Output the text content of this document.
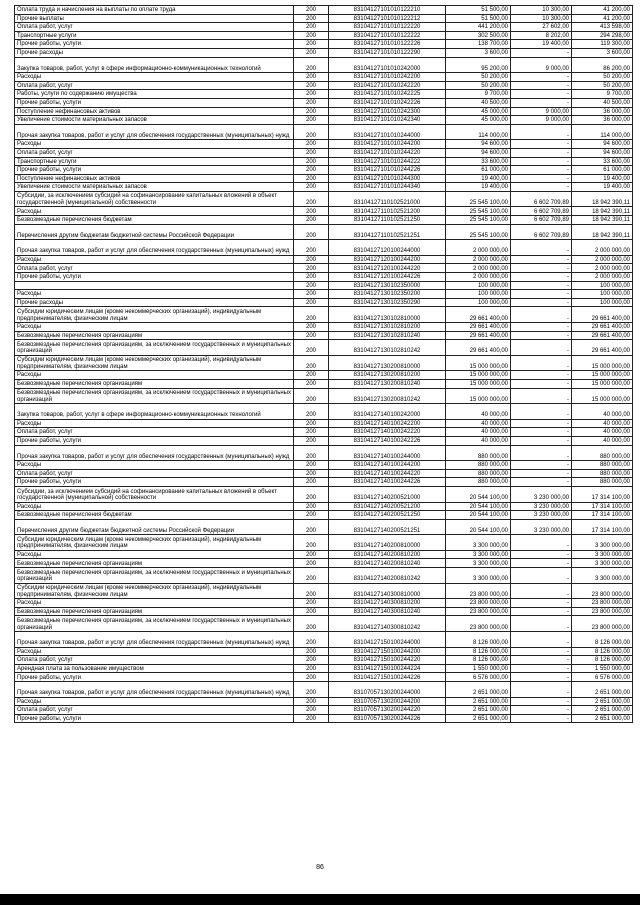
Оплата труда и начисления на выплаты по оплате труда	200	83104127101010122210	51 500,00	10 300,00	41 200,00
Прочие выплаты	200	83104127101010122212	51 500,00	10 300,00	41 200,00
Оплата работ, услуг	200	83104127101010122220	441 200,00	27 602,00	413 598,00
Транспортные услуги	200	83104127101010122222	302 500,00	8 202,00	294 298,00
Прочие работы, услуги	200	83104127101010122226	138 700,00	19 400,00	119 300,00
Прочие расходы	200	83104127101010122290	3 600,00	-	3 600,00
Закупка товаров, работ, услуг в сфере информационно-коммуникационных технологий	200	83104127101010242000	95 200,00	9 000,00	86 200,00
Расходы	200	83104127101010242200	50 200,00	-	50 200,00
Оплата работ, услуг	200	83104127101010242220	50 200,00	-	50 200,00
Работы, услуги по содержанию имущества	200	83104127101010242225	9 700,00	-	9 700,00
Прочие работы, услуги	200	83104127101010242226	40 500,00	-	40 500,00
Поступление нефинансовых активов	200	83104127101010242300	45 000,00	9 000,00	36 000,00
Увеличение стоимости материальных запасов	200	83104127101010242340	45 000,00	9 000,00	36 000,00
Прочая закупка товаров, работ и услуг для обеспечения государственных (муниципальных) нужд	200	83104127101010244000	114 000,00	-	114 000,00
Расходы	200	83104127101010244200	94 600,00	-	94 600,00
Оплата работ, услуг	200	83104127101010244220	94 600,00	-	94 600,00
Транспортные услуги	200	83104127101010244222	33 600,00	-	33 600,00
Прочие работы, услуги	200	83104127101010244226	61 000,00	-	61 000,00
Поступление нефинансовых активов	200	83104127101010244300	19 400,00	-	19 400,00
Увеличение стоимости материальных запасов	200	83104127101010244340	19 400,00	-	19 400,00
Субсидии, за исключением субсидий на софинансирование капитальных вложений в объект государственной (муниципальной) собственности	200	83104127110102521000	25 545 100,00	6 602 709,89	18 942 390,11
Расходы	200	83104127110102521200	25 545 100,00	6 602 709,89	18 942 390,11
Безвозмездные перечисления бюджетам	200	83104127110102521250	25 545 100,00	6 602 709,89	18 942 390,11
Перечисления другим бюджетам бюджетной системы Российской Федерации	200	83104127110102521251	25 545 100,00	6 602 709,89	18 942 390,11
Прочая закупка товаров, работ и услуг для обеспечения государственных (муниципальных) нужд	200	83104127120100244000	2 000 000,00	-	2 000 000,00
Расходы	200	83104127120100244200	2 000 000,00	-	2 000 000,00
Оплата работ, услуг	200	83104127120100244220	2 000 000,00	-	2 000 000,00
Прочие работы, услуги	200	83104127120100244226	2 000 000,00	-	2 000 000,00
	200	83104127130102350000	100 000,00	-	100 000,00
Расходы	200	83104127130102350200	100 000,00	-	100 000,00
Прочие расходы	200	83104127130102350290	100 000,00	-	100 000,00
Субсидии юридическим лицам (кроме некоммерческих организаций), индивидуальным предпринимателям, физическим лицам	200	83104127130102810000	29 661 400,00	-	29 661 400,00
Расходы	200	83104127130102810200	29 661 400,00	-	29 661 400,00
Безвозмездные перечисления организациям	200	83104127130102810240	29 661 400,00	-	29 661 400,00
Безвозмездные перечисления организациям, за исключением государственных и муниципальных организаций	200	83104127130102810242	29 661 400,00	-	29 661 400,00
Субсидии юридическим лицам (кроме некоммерческих организаций), индивидуальным предпринимателям, физическим лицам	200	83104127130200810000	15 000 000,00	-	15 000 000,00
Расходы	200	83104127130200810200	15 000 000,00	-	15 000 000,00
Безвозмездные перечисления организациям	200	83104127130200810240	15 000 000,00	-	15 000 000,00
Безвозмездные перечисления организациям, за исключением государственных и муниципальных организаций	200	83104127130200810242	15 000 000,00	-	15 000 000,00
Закупка товаров, работ, услуг в сфере информационно-коммуникационных технологий	200	83104127140100242000	40 000,00	-	40 000,00
Расходы	200	83104127140100242200	40 000,00	-	40 000,00
Оплата работ, услуг	200	83104127140100242220	40 000,00	-	40 000,00
Прочие работы, услуги	200	83104127140100242226	40 000,00	-	40 000,00
Прочая закупка товаров, работ и услуг для обеспечения государственных (муниципальных) нужд	200	83104127140100244000	880 000,00	-	880 000,00
Расходы	200	83104127140100244200	880 000,00	-	880 000,00
Оплата работ, услуг	200	83104127140100244220	880 000,00	-	880 000,00
Прочие работы, услуги	200	83104127140100244226	880 000,00	-	880 000,00
Субсидии, за исключением субсидий на софинансирование капитальных вложений в объект государственной (муниципальной) собственности	200	83104127140200521000	20 544 100,00	3 230 000,00	17 314 100,00
Расходы	200	83104127140200521200	20 544 100,00	3 230 000,00	17 314 100,00
Безвозмездные перечисления бюджетам	200	83104127140200521250	20 544 100,00	3 230 000,00	17 314 100,00
Перечисления другим бюджетам бюджетной системы Российской Федерации	200	83104127140200521251	20 544 100,00	3 230 000,00	17 314 100,00
Субсидии юридическим лицам (кроме некоммерческих организаций), индивидуальным предпринимателям, физическим лицам	200	83104127140200810000	3 300 000,00	-	3 300 000,00
Расходы	200	83104127140200810200	3 300 000,00	-	3 300 000,00
Безвозмездные перечисления организациям	200	83104127140200810240	3 300 000,00	-	3 300 000,00
Безвозмездные перечисления организациям, за исключением государственных и муниципальных организаций	200	83104127140200810242	3 300 000,00	-	3 300 000,00
Субсидии юридическим лицам (кроме некоммерческих организаций), индивидуальным предпринимателям, физическим лицам	200	83104127140300810000	23 800 000,00	-	23 800 000,00
Расходы	200	83104127140300810200	23 800 000,00	-	23 800 000,00
Безвозмездные перечисления организациям	200	83104127140300810240	23 800 000,00	-	23 800 000,00
Безвозмездные перечисления организациям, за исключением государственных и муниципальных организаций	200	83104127140300810242	23 800 000,00	-	23 800 000,00
Прочая закупка товаров, работ и услуг для обеспечения государственных (муниципальных) нужд	200	83104127150100244000	8 126 000,00	-	8 126 000,00
Расходы	200	83104127150100244200	8 126 000,00	-	8 126 000,00
Оплата работ, услуг	200	83104127150100244220	8 126 000,00	-	8 126 000,00
Арендная плата за пользование имуществом	200	83104127150100244224	1 550 000,00	-	1 550 000,00
Прочие работы, услуги	200	83104127150100244226	6 576 000,00	-	6 576 000,00
Прочая закупка товаров, работ и услуг для обеспечения государственных (муниципальных) нужд	200	83107057130200244000	2 651 000,00	-	2 651 000,00
Расходы	200	83107057130200244200	2 651 000,00	-	2 651 000,00
Оплата работ, услуг	200	83107057130200244220	2 651 000,00	-	2 651 000,00
Прочие работы, услуги	200	83107057130200244226	2 651 000,00	-	2 651 000,00
86
